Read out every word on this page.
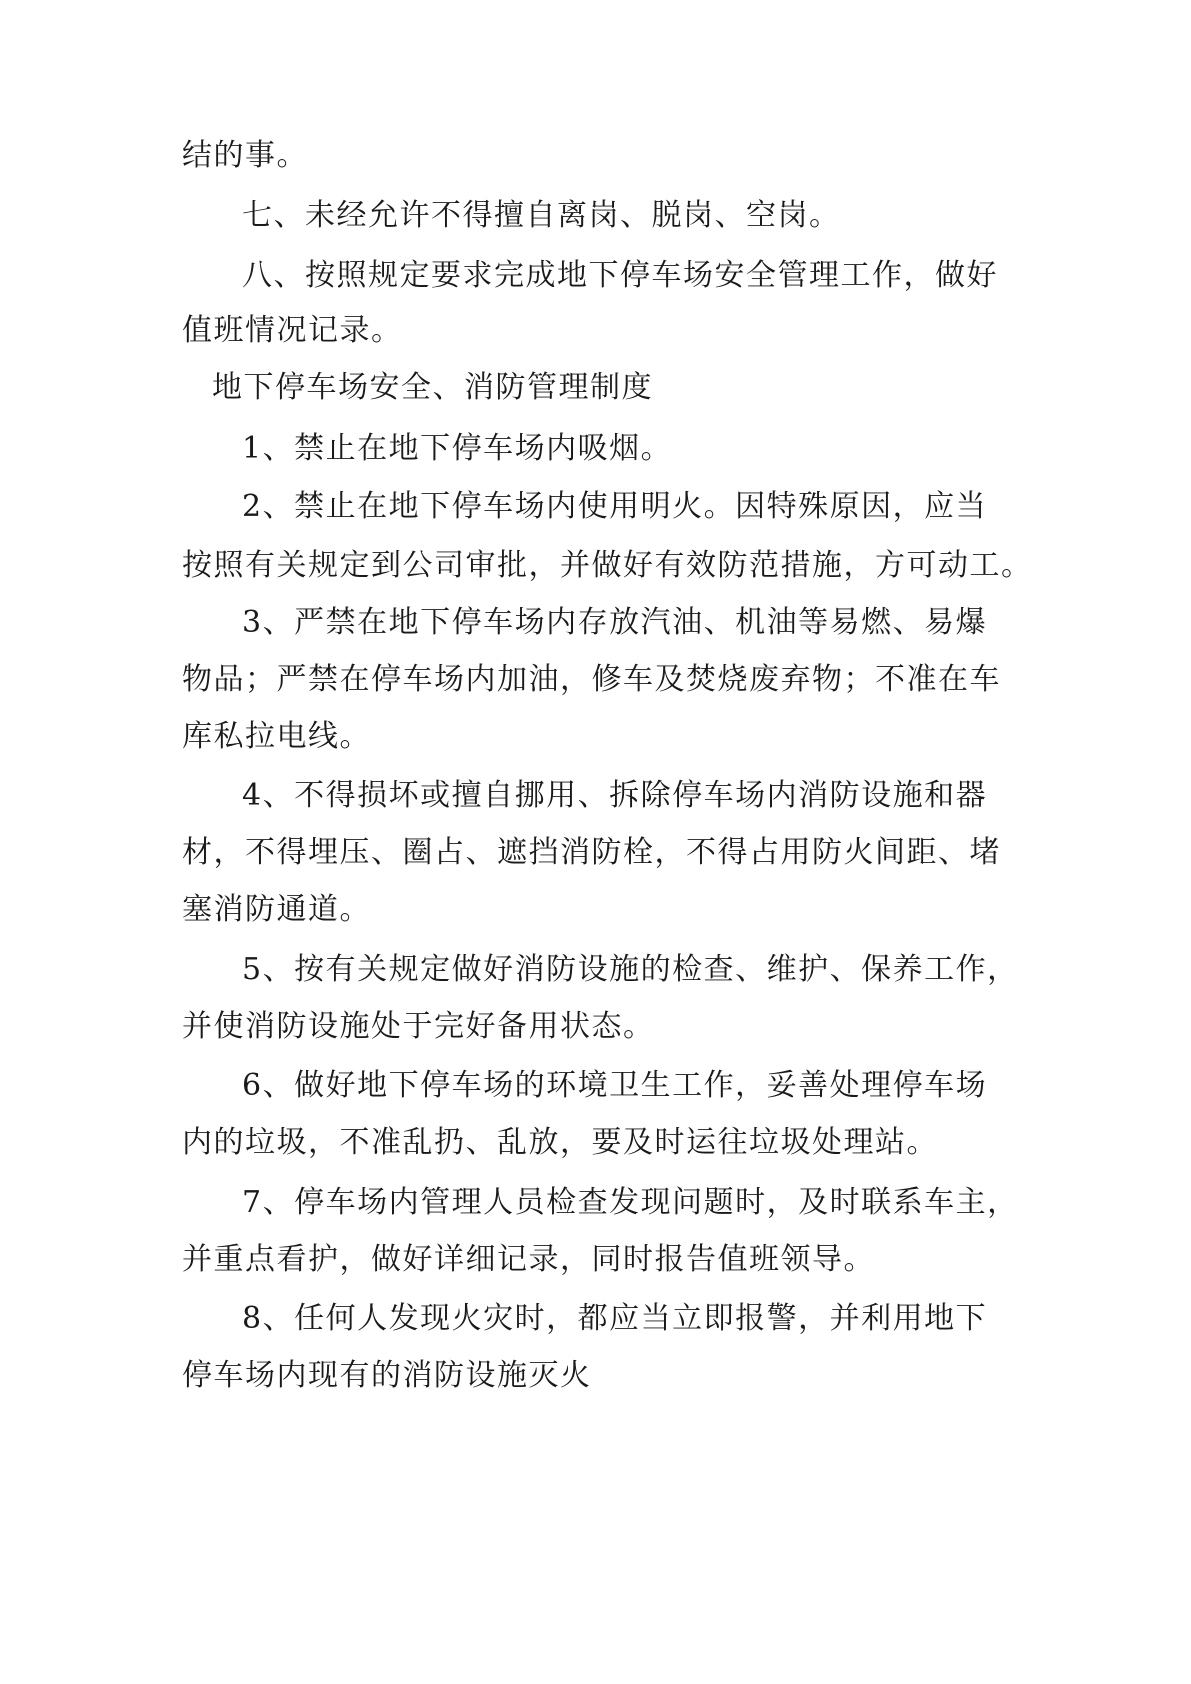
结的事。
七、未经允许不得擅自离岗、脱岗、空岗。
八、按照规定要求完成地下停车场安全管理工作，做好
值班情况记录。
地下停车场安全、消防管理制度
1、禁止在地下停车场内吸烟。
2、禁止在地下停车场内使用明火。因特殊原因，应当
按照有关规定到公司审批，并做好有效防范措施，方可动工。
3、严禁在地下停车场内存放汽油、机油等易燃、易爆
物品；严禁在停车场内加油，修车及焚烧废弃物；不准在车
库私拉电线。
4、不得损坏或擅自挪用、拆除停车场内消防设施和器
材，不得埋压、圈占、遮挡消防栓，不得占用防火间距、堵
塞消防通道。
5、按有关规定做好消防设施的检查、维护、保养工作，
并使消防设施处于完好备用状态。
6、做好地下停车场的环境卫生工作，妥善处理停车场
内的垃圾，不准乱扔、乱放，要及时运往垃圾处理站。
7、停车场内管理人员检查发现问题时，及时联系车主，
并重点看护，做好详细记录，同时报告值班领导。
8、任何人发现火灾时，都应当立即报警，并利用地下
停车场内现有的消防设施灭火
